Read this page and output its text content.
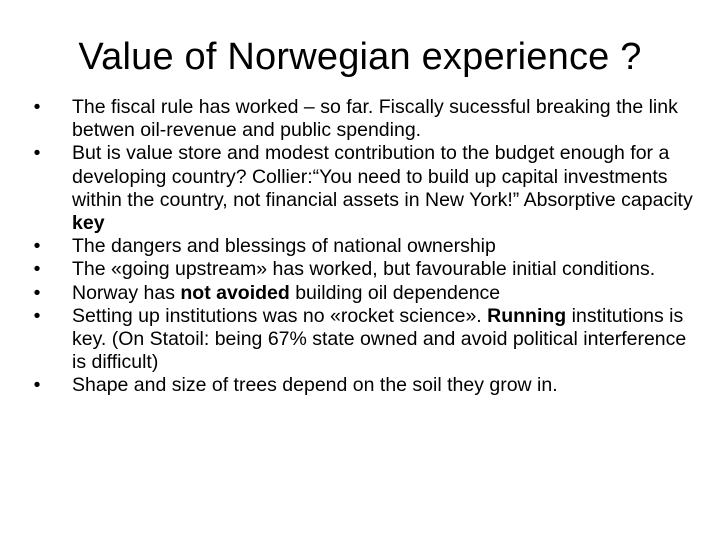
Value of Norwegian experience ?
•	The fiscal rule has worked – so far. Fiscally sucessful breaking the link betwen oil-revenue and public spending.
•	But is value store and modest contribution to the budget enough for a developing country? Collier:“You need to build up capital investments within the country, not financial assets in New York!” Absorptive capacity key
•	The dangers and blessings of national ownership
•	The «going upstream» has worked, but favourable initial conditions.
•	Norway has not avoided building oil dependence
•	Setting up institutions was no «rocket science». Running institutions is key. (On Statoil: being 67% state owned and avoid political interference is difficult)
•	Shape and size of trees depend on the soil they grow in.
